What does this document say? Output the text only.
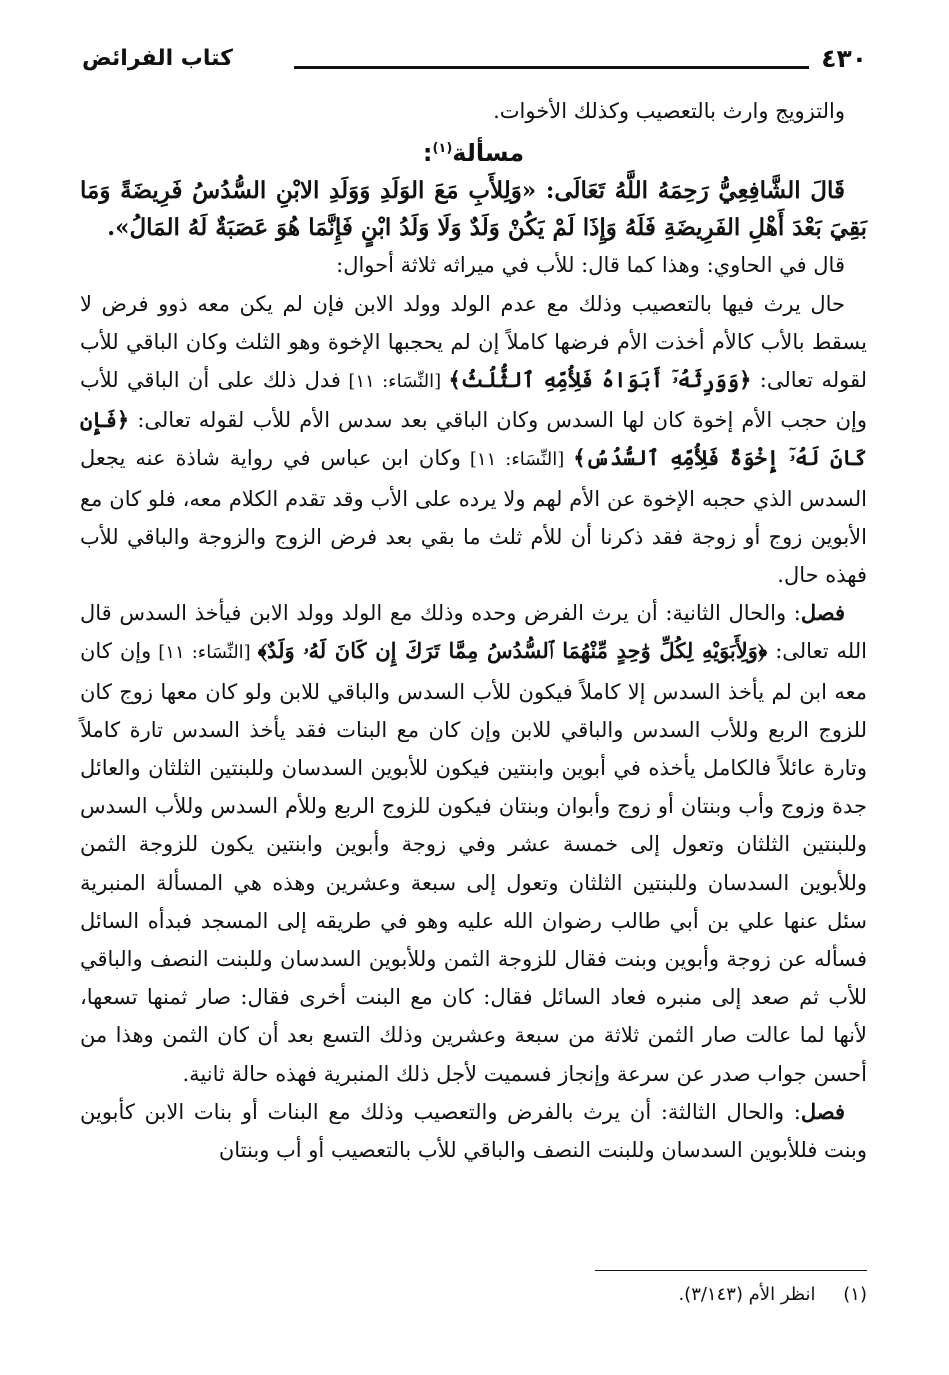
٤٣٠
كتاب الفرائض

والتزويج وارث بالتعصيب وكذلك الأخوات.

مسألة$^{(١)}$:

قَالَ الشَّافِعِيُّ رَحِمَهُ اللَّهُ تَعَالَى: «وَلِلأَبِ مَعَ الوَلَدِ وَوَلَدِ الابْنِ السُّدُسُ فَرِيضَةً وَمَا بَقِيَ بَعْدَ أَهْلِ الفَرِيضَةِ فَلَهُ وَإِذَا لَمْ يَكُنْ وَلَدٌ وَلَا وَلَدُ ابْنٍ فَإِنَّمَا هُوَ عَصَبَةٌ لَهُ المَالُ».

قال في الحاوي: وهذا كما قال: للأب في ميراثه ثلاثة أحوال:

حال يرث فيها بالتعصيب وذلك مع عدم الولد وولد الابن فإن لم يكن معه ذوو فرض لا يسقط بالأب كالأم أخذت الأم فرضها كاملاً إن لم يحجبها الإخوة وهو الثلث وكان الباقي للأب لقوله تعالى: ﴿وَوَرِثَهُۥٓ أَبَوَاهُ فَلِأُمِّهِ ٱلثُّلُثُ﴾ [النِّسَاء: ١١] فدل ذلك على أن الباقي للأب وإن حجب الأم إخوة كان لها السدس وكان الباقي بعد سدس الأم للأب لقوله تعالى: ﴿فَإِن كَانَ لَهُۥٓ إِخْوَةٌ فَلِأُمِّهِ ٱلسُّدُسُ﴾ [النِّسَاء: ١١] وكان ابن عباس في رواية شاذة عنه يجعل السدس الذي حجبه الإخوة عن الأم لهم ولا يرده على الأب وقد تقدم الكلام معه، فلو كان مع الأبوين زوج أو زوجة فقد ذكرنا أن للأم ثلث ما بقي بعد فرض الزوج والزوجة والباقي للأب فهذه حال.

فصل: والحال الثانية: أن يرث الفرض وحده وذلك مع الولد وولد الابن فيأخذ السدس قال الله تعالى: ﴿وَلِأَبَوَيْهِ لِكُلِّ وَٰحِدٍ مِّنْهُمَا ٱلسُّدُسُ مِمَّا تَرَكَ إِن كَانَ لَهُۥ وَلَدٌ﴾ [النِّسَاء: ١١] وإن كان معه ابن لم يأخذ السدس إلا كاملاً فيكون للأب السدس والباقي للابن ولو كان معها زوج كان للزوج الربع وللأب السدس والباقي للابن وإن كان مع البنات فقد يأخذ السدس تارة كاملاً وتارة عائلاً فالكامل يأخذه في أبوين وابنتين فيكون للأبوين السدسان وللبنتين الثلثان والعائل جدة وزوج وأب وبنتان أو زوج وأبوان وبنتان فيكون للزوج الربع وللأم السدس وللأب السدس وللبنتين الثلثان وتعول إلى خمسة عشر وفي زوجة وأبوين وابنتين يكون للزوجة الثمن وللأبوين السدسان وللبنتين الثلثان وتعول إلى سبعة وعشرين وهذه هي المسألة المنبرية سئل عنها علي بن أبي طالب رضوان الله عليه وهو في طريقه إلى المسجد فبدأه السائل فسأله عن زوجة وأبوين وبنت فقال للزوجة الثمن وللأبوين السدسان وللبنت النصف والباقي للأب ثم صعد إلى منبره فعاد السائل فقال: كان مع البنت أخرى فقال: صار ثمنها تسعها، لأنها لما عالت صار الثمن ثلاثة من سبعة وعشرين وذلك التسع بعد أن كان الثمن وهذا من أحسن جواب صدر عن سرعة وإنجاز فسميت لأجل ذلك المنبرية فهذه حالة ثانية.

فصل: والحال الثالثة: أن يرث بالفرض والتعصيب وذلك مع البنات أو بنات الابن كأبوين وبنت فللأبوين السدسان وللبنت النصف والباقي للأب بالتعصيب أو أب وبنتان

(١) انظر الأم (٣/١٤٣).
